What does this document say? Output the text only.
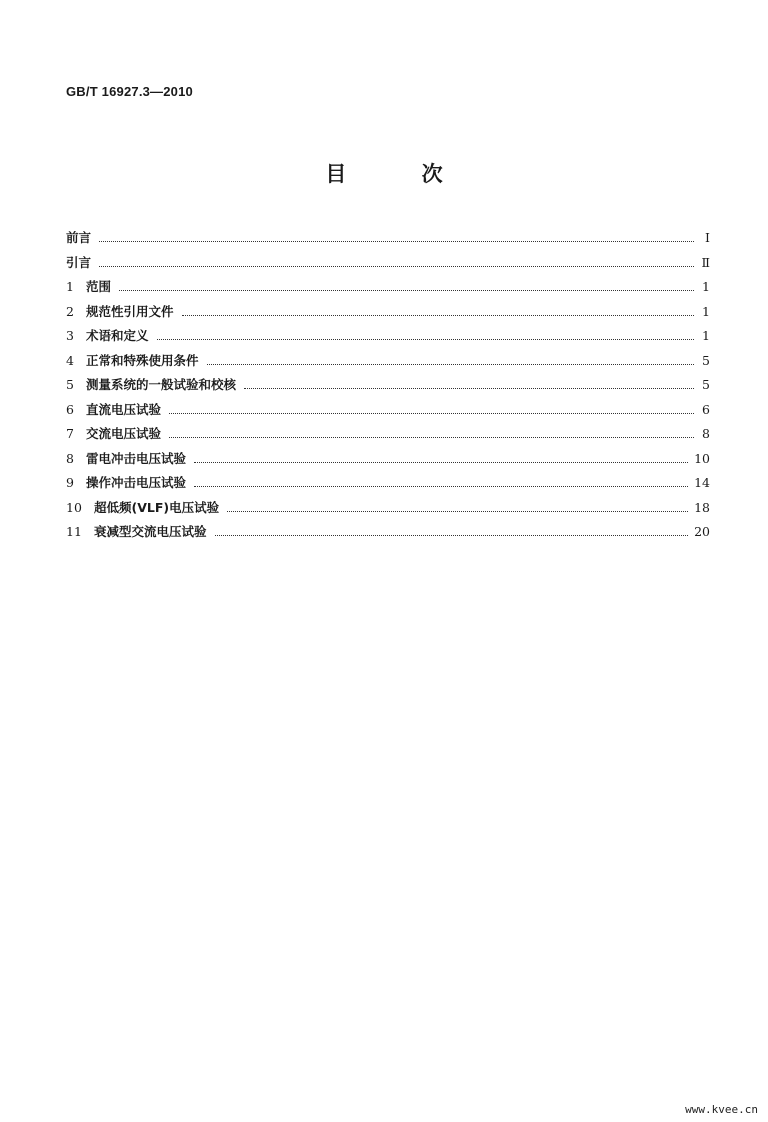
GB/T 16927.3—2010
目 次
前言	Ⅰ
引言	Ⅱ
1 范围	1
2 规范性引用文件	1
3 术语和定义	1
4 正常和特殊使用条件	5
5 测量系统的一般试验和校核	5
6 直流电压试验	6
7 交流电压试验	8
8 雷电冲击电压试验	10
9 操作冲击电压试验	14
10 超低频(VLF)电压试验	18
11 衰减型交流电压试验	20
www.kvee.cn
